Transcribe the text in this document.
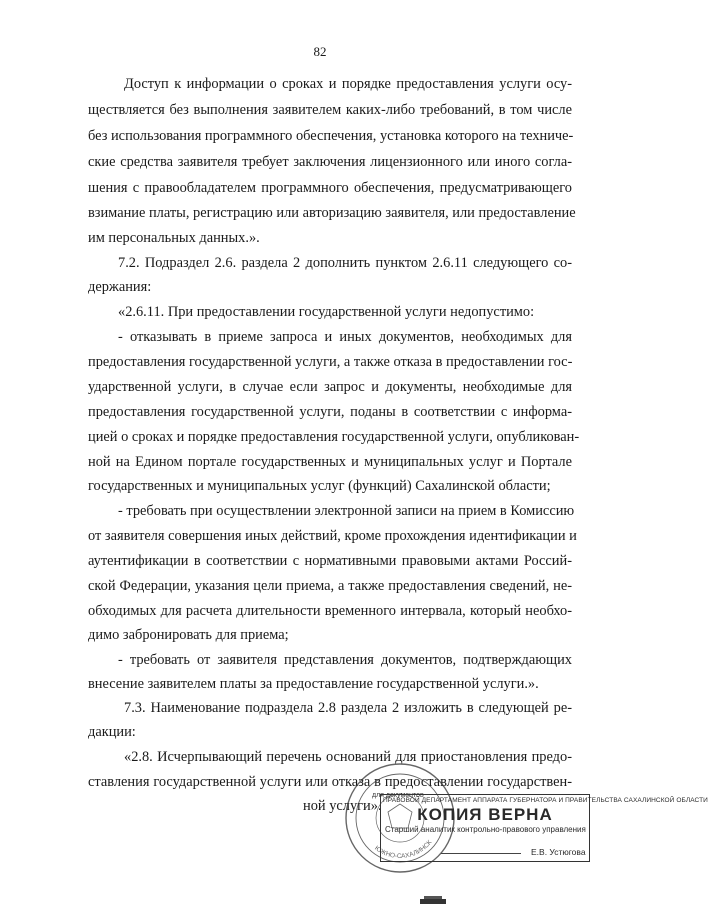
82
Доступ к информации о сроках и порядке предоставления услуги осу-
ществляется без выполнения заявителем каких-либо требований, в том числе
без использования программного обеспечения, установка которого на техниче-
ские средства заявителя требует заключения лицензионного или иного согла-
шения с правообладателем программного обеспечения, предусматривающего
взимание платы, регистрацию или авторизацию заявителя, или предоставление
им персональных данных.».
7.2. Подраздел 2.6. раздела 2 дополнить пунктом 2.6.11 следующего со-
держания:
«2.6.11. При предоставлении государственной услуги недопустимо:
- отказывать в приеме запроса и иных документов, необходимых для
предоставления государственной услуги, а также отказа в предоставлении гос-
ударственной услуги, в случае если запрос и документы, необходимые для
предоставления государственной услуги, поданы в соответствии с информа-
цией о сроках и порядке предоставления государственной услуги, опубликован-
ной на Едином портале государственных и муниципальных услуг и Портале
государственных и муниципальных услуг (функций) Сахалинской области;
- требовать при осуществлении электронной записи на прием в Комиссию
от заявителя совершения иных действий, кроме прохождения идентификации и
аутентификации в соответствии с нормативными правовыми актами Россий-
ской Федерации, указания цели приема, а также предоставления сведений, не-
обходимых для расчета длительности временного интервала, который необхо-
димо забронировать для приема;
- требовать от заявителя представления документов, подтверждающих
внесение заявителем платы за предоставление государственной услуги.».
7.3. Наименование подраздела 2.8 раздела 2 изложить в следующей ре-
дакции:
«2.8. Исчерпывающий перечень оснований для приостановления предо-
ставления государственной услуги или отказа в предоставлении государствен-
ной услуги».
ЮЖНО-САХАЛИНСК
для документов
ПРАВОВОЙ ДЕПАРТАМЕНТ АППАРАТА ГУБЕРНАТОРА И ПРАВИТЕЛЬСТВА САХАЛИНСКОЙ ОБЛАСТИ
КОПИЯ ВЕРНА
Старший аналитик контрольно-правового управления
Е.В. Устюгова
